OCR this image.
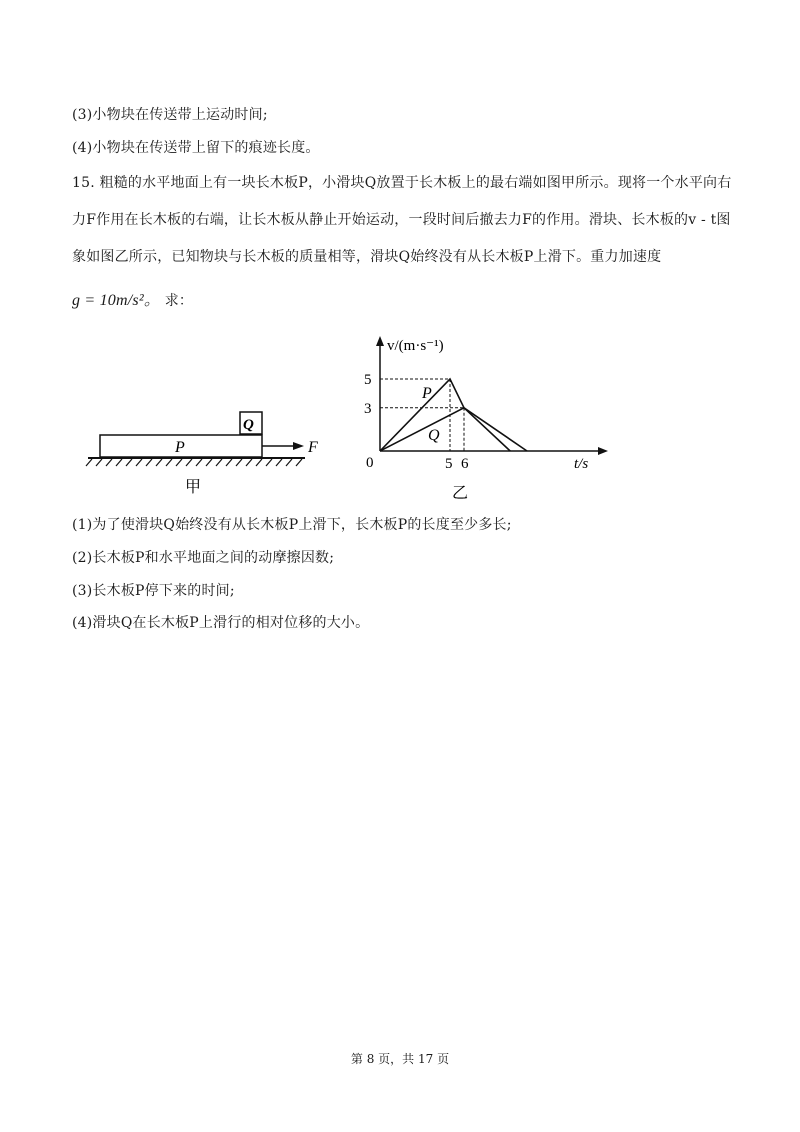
(3)小物块在传送带上运动时间;
(4)小物块在传送带上留下的痕迹长度。
15. 粗糙的水平地面上有一块长木板P，小滑块Q放置于长木板上的最右端如图甲所示。现将一个水平向右
力F作用在长木板的右端，让长木板从静止开始运动，一段时间后撤去力F的作用。滑块、长木板的v - t图
象如图乙所示，已知物块与长木板的质量相等，滑块Q始终没有从长木板P上滑下。重力加速度
g = 10m/s²。 求：
P
Q
F
甲
v/(m·s⁻¹)
t/s
0
5
3
5 6
P
Q
乙
(1)为了使滑块Q始终没有从长木板P上滑下，长木板P的长度至少多长;
(2)长木板P和水平地面之间的动摩擦因数;
(3)长木板P停下来的时间;
(4)滑块Q在长木板P上滑行的相对位移的大小。
第 8 页，共 17 页
